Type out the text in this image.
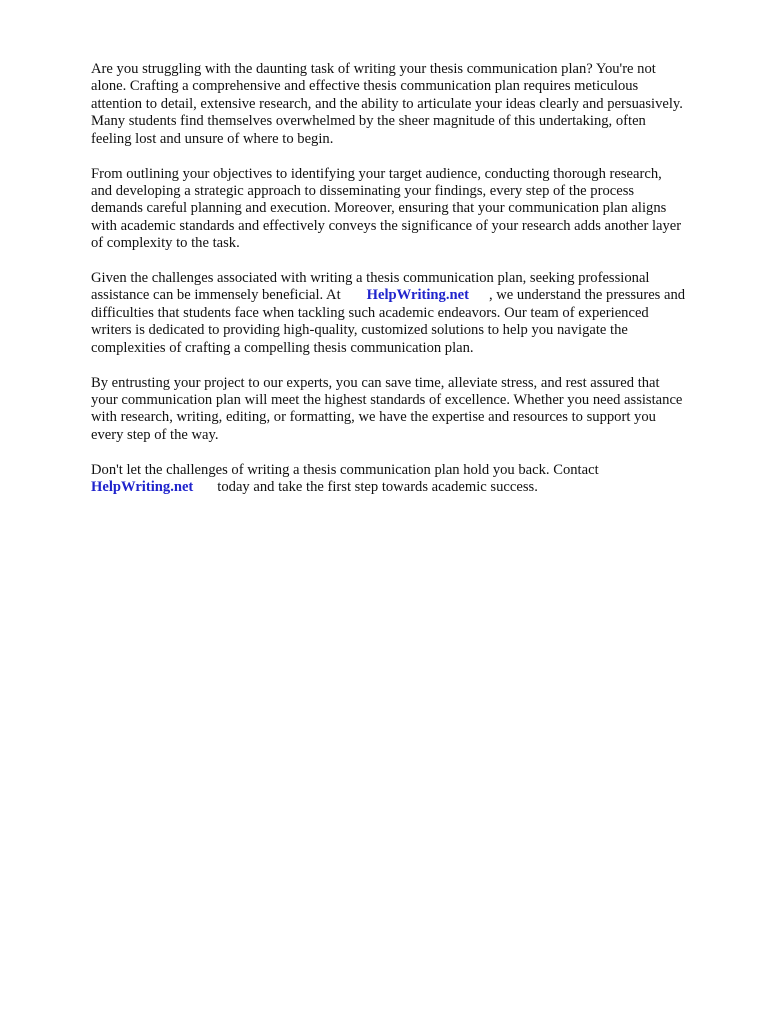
Are you struggling with the daunting task of writing your thesis communication plan? You're not
alone. Crafting a comprehensive and effective thesis communication plan requires meticulous
attention to detail, extensive research, and the ability to articulate your ideas clearly and persuasively.
Many students find themselves overwhelmed by the sheer magnitude of this undertaking, often
feeling lost and unsure of where to begin.

From outlining your objectives to identifying your target audience, conducting thorough research,
and developing a strategic approach to disseminating your findings, every step of the process
demands careful planning and execution. Moreover, ensuring that your communication plan aligns
with academic standards and effectively conveys the significance of your research adds another layer
of complexity to the task.

Given the challenges associated with writing a thesis communication plan, seeking professional
assistance can be immensely beneficial. At HelpWriting.net , we understand the pressures and
difficulties that students face when tackling such academic endeavors. Our team of experienced
writers is dedicated to providing high-quality, customized solutions to help you navigate the
complexities of crafting a compelling thesis communication plan.

By entrusting your project to our experts, you can save time, alleviate stress, and rest assured that
your communication plan will meet the highest standards of excellence. Whether you need assistance
with research, writing, editing, or formatting, we have the expertise and resources to support you
every step of the way.

Don't let the challenges of writing a thesis communication plan hold you back. Contact
HelpWriting.net today and take the first step towards academic success.
